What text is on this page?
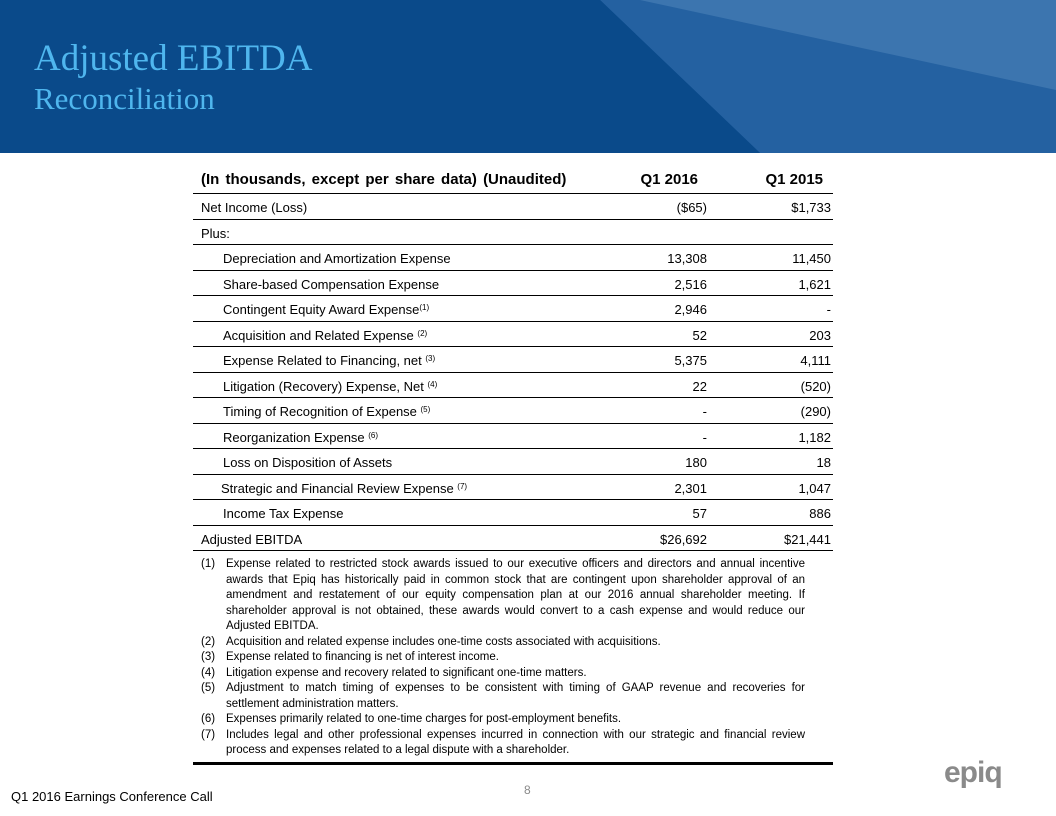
Adjusted EBITDA
Reconciliation
(In thousands, except per share data) (Unaudited)	Q1 2016	Q1 2015
Net Income (Loss)	($65)	$1,733
Plus:
Depreciation and Amortization Expense	13,308	11,450
Share-based Compensation Expense	2,516	1,621
Contingent Equity Award Expense$^{(1)}$	2,946	-
Acquisition and Related Expense $^{(2)}$	52	203
Expense Related to Financing, net $^{(3)}$	5,375	4,111
Litigation (Recovery) Expense, Net $^{(4)}$	22	(520)
Timing of Recognition of Expense $^{(5)}$	-	(290)
Reorganization Expense $^{(6)}$	-	1,182
Loss on Disposition of Assets	180	18
Strategic and Financial Review Expense $^{(7)}$	2,301	1,047
Income Tax Expense	57	886
Adjusted EBITDA	$26,692	$21,441
(1) Expense related to restricted stock awards issued to our executive officers and directors and annual incentive awards that Epiq has historically paid in common stock that are contingent upon shareholder approval of an amendment and restatement of our equity compensation plan at our 2016 annual shareholder meeting. If shareholder approval is not obtained, these awards would convert to a cash expense and would reduce our Adjusted EBITDA.
(2) Acquisition and related expense includes one-time costs associated with acquisitions.
(3) Expense related to financing is net of interest income.
(4) Litigation expense and recovery related to significant one-time matters.
(5) Adjustment to match timing of expenses to be consistent with timing of GAAP revenue and recoveries for settlement administration matters.
(6) Expenses primarily related to one-time charges for post-employment benefits.
(7) Includes legal and other professional expenses incurred in connection with our strategic and financial review process and expenses related to a legal dispute with a shareholder.
Q1 2016 Earnings Conference Call	8
epiq
